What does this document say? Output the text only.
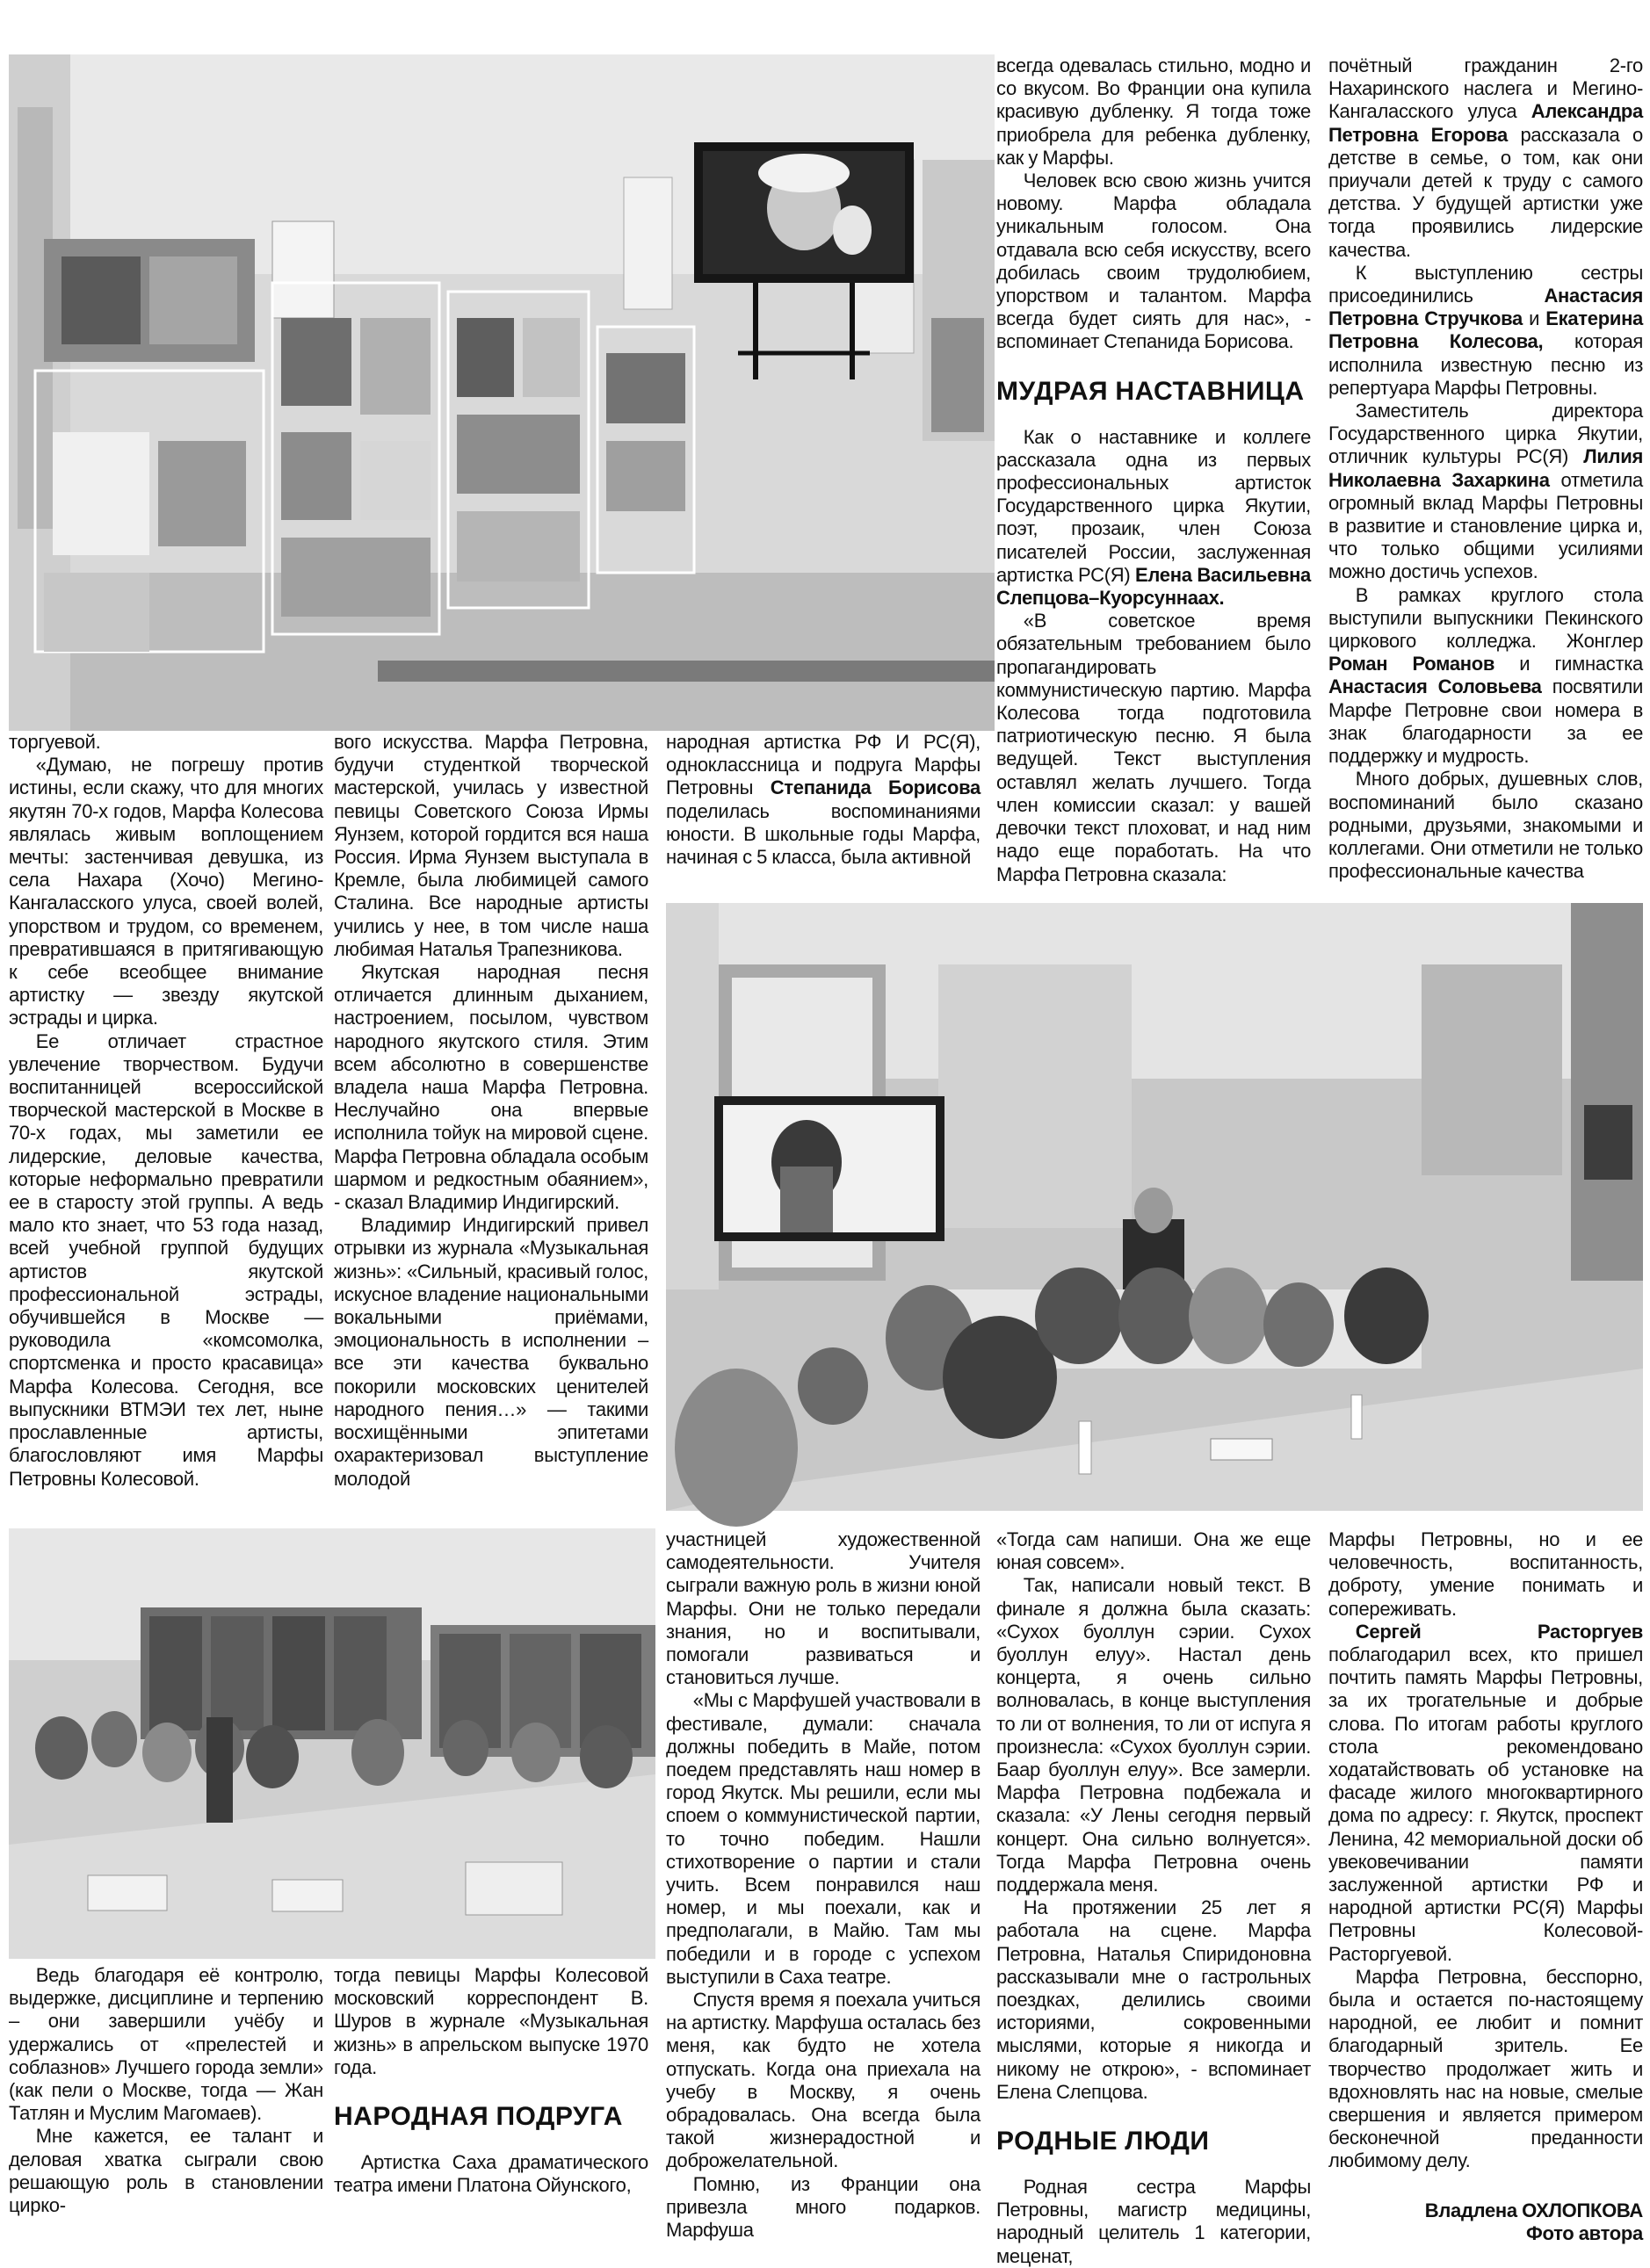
торгуевой.

«Думаю, не погрешу против истины, если скажу, что для многих якутян 70-х годов, Марфа Колесова являлась живым воплощением мечты: застенчивая девушка, из села Нахара (Хочо) Мегино-Кангаласского улуса, своей волей, упорством и трудом, со временем, превратившаяся в притягивающую к себе всеобщее внимание артистку — звезду якутской эстрады и цирка.

Ее отличает страстное увлечение творчеством. Будучи воспитанницей всероссийской творческой мастерской в Москве в 70-х годах, мы заметили ее лидерские, деловые качества, которые неформально превратили ее в старосту этой группы. А ведь мало кто знает, что 53 года назад, всей учебной группой будущих артистов якутской профессиональной эстрады, обучившейся в Москве — руководила «комсомолка, спортсменка и просто красавица» Марфа Колесова. Сегодня, все выпускники ВТМЭИ тех лет, ныне прославленные артисты, благословляют имя Марфы Петровны Колесовой.

вого искусства. Марфа Петровна, будучи студенткой творческой мастерской, училась у известной певицы Советского Союза Ирмы Яунзем, которой гордится вся наша Россия. Ирма Яунзем выступала в Кремле, была любимицей самого Сталина. Все народные артисты учились у нее, в том числе наша любимая Наталья Трапезникова.

Якутская народная песня отличается длинным дыханием, настроением, посылом, чувством народного якутского стиля. Этим всем абсолютно в совершенстве владела наша Марфа Петровна. Неслучайно она впервые исполнила тойук на мировой сцене. Марфа Петровна обладала особым шармом и редкостным обаянием», - сказал Владимир Индигирский.

Владимир Индигирский привел отрывки из журнала «Музыкальная жизнь»: «Сильный, красивый голос, искусное владение национальными вокальными приёмами, эмоциональность в исполнении – все эти качества буквально покорили московских ценителей народного пения…» — такими восхищёнными эпитетами охарактеризовал выступление молодой

народная артистка РФ И РС(Я), одноклассница и подруга Марфы Петровны Степанида Борисова поделилась воспоминаниями юности. В школьные годы Марфа, начиная с 5 класса, была активной

всегда одевалась стильно, модно и со вкусом. Во Франции она купила красивую дубленку. Я тогда тоже приобрела для ребенка дубленку, как у Марфы.

Человек всю свою жизнь учится новому. Марфа обладала уникальным голосом. Она отдавала всю себя искусству, всего добилась своим трудолюбием, упорством и талантом. Марфа всегда будет сиять для нас», - вспоминает Степанида Борисова.

МУДРАЯ НАСТАВНИЦА

Как о наставнике и коллеге рассказала одна из первых профессиональных артисток Государственного цирка Якутии, поэт, прозаик, член Союза писателей России, заслуженная артистка РС(Я) Елена Васильевна Слепцова–Куорсуннаах.

«В советское время обязательным требованием было пропагандировать коммунистическую партию. Марфа Колесова тогда подготовила патриотическую песню. Я была ведущей. Текст выступления оставлял желать лучшего. Тогда член комиссии сказал: у вашей девочки текст плоховат, и над ним надо еще поработать. На что Марфа Петровна сказала:

почётный гражданин 2-го Нахаринского наслега и Мегино-Кангаласского улуса Александра Петровна Егорова рассказала о детстве в семье, о том, как они приучали детей к труду с самого детства. У будущей артистки уже тогда проявились лидерские качества.

К выступлению сестры присоединились Анастасия Петровна Стручкова и Екатерина Петровна Колесова, которая исполнила известную песню из репертуара Марфы Петровны.

Заместитель директора Государственного цирка Якутии, отличник культуры РС(Я) Лилия Николаевна Захаркина отметила огромный вклад Марфы Петровны в развитие и становление цирка и, что только общими усилиями можно достичь успехов.

В рамках круглого стола выступили выпускники Пекинского циркового колледжа. Жонглер Роман Романов и гимнастка Анастасия Соловьева посвятили Марфе Петровне свои номера в знак благодарности за ее поддержку и мудрость.

Много добрых, душевных слов, воспоминаний было сказано родными, друзьями, знакомыми и коллегами. Они отметили не только профессиональные качества

Ведь благодаря её контролю, выдержке, дисциплине и терпению – они завершили учёбу и удержались от «прелестей и соблазнов» Лучшего города земли» (как пели о Москве, тогда — Жан Татлян и Муслим Магомаев).

Мне кажется, ее талант и деловая хватка сыграли свою решающую роль в становлении цирко-

тогда певицы Марфы Колесовой московский корреспондент В. Шуров в журнале «Музыкальная жизнь» в апрельском выпуске 1970 года.

НАРОДНАЯ ПОДРУГА

Артистка Саха драматического театра имени Платона Ойунского,

участницей художественной самодеятельности. Учителя сыграли важную роль в жизни юной Марфы. Они не только передали знания, но и воспитывали, помогали развиваться и становиться лучше.

«Мы с Марфушей участвовали в фестивале, думали: сначала должны победить в Майе, потом поедем представлять наш номер в город Якутск. Мы решили, если мы споем о коммунистической партии, то точно победим. Нашли стихотворение о партии и стали учить. Всем понравился наш номер, и мы поехали, как и предполагали, в Майю. Там мы победили и в городе с успехом выступили в Саха театре.

Спустя время я поехала учиться на артистку. Марфуша осталась без меня, как будто не хотела отпускать. Когда она приехала на учебу в Москву, я очень обрадовалась. Она всегда была такой жизнерадостной и доброжелательной.

Помню, из Франции она привезла много подарков. Марфуша

«Тогда сам напиши. Она же еще юная совсем».

Так, написали новый текст. В финале я должна была сказать: «Сухох буоллун сэрии. Сухох буоллун елуу». Настал день концерта, я очень сильно волновалась, в конце выступления то ли от волнения, то ли от испуга я произнесла: «Сухох буоллун сэрии. Баар буоллун елуу». Все замерли. Марфа Петровна подбежала и сказала: «У Лены сегодня первый концерт. Она сильно волнуется». Тогда Марфа Петровна очень поддержала меня.

На протяжении 25 лет я работала на сцене. Марфа Петровна, Наталья Спиридоновна рассказывали мне о гастрольных поездках, делились своими историями, сокровенными мыслями, которые я никогда и никому не открою», - вспоминает Елена Слепцова.

РОДНЫЕ ЛЮДИ

Родная сестра Марфы Петровны, магистр медицины, народный целитель 1 категории, меценат,

Марфы Петровны, но и ее человечность, воспитанность, доброту, умение понимать и сопереживать.

Сергей Расторгуев поблагодарил всех, кто пришел почтить память Марфы Петровны, за их трогательные и добрые слова. По итогам работы круглого стола рекомендовано ходатайствовать об установке на фасаде жилого многоквартирного дома по адресу: г. Якутск, проспект Ленина, 42 мемориальной доски об увековечивании памяти заслуженной артистки РФ и народной артистки РС(Я) Марфы Петровны Колесовой-Расторгуевой.

Марфа Петровна, бесспорно, была и остается по-настоящему народной, ее любит и помнит благодарный зритель. Ее творчество продолжает жить и вдохновлять нас на новые, смелые свершения и является примером бесконечной преданности любимому делу.

Владлена ОХЛОПКОВА
Фото автора
